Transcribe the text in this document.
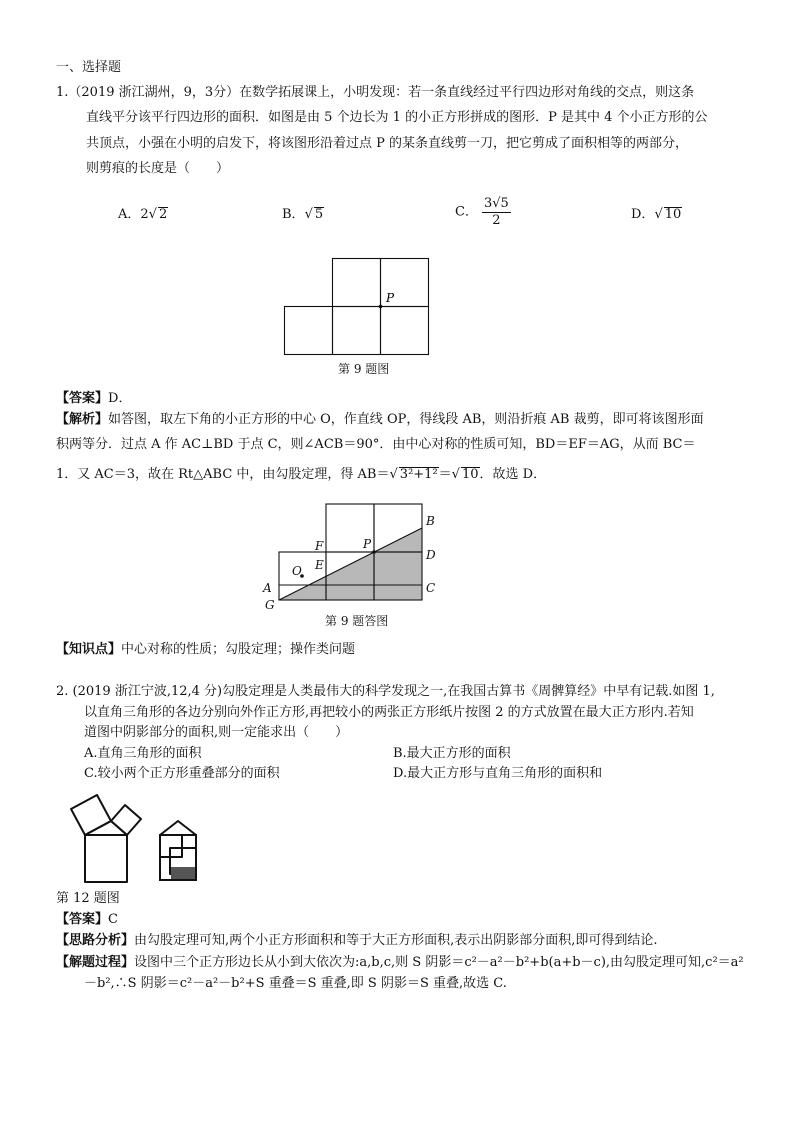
一、选择题
1.（2019 浙江湖州，9，3分）在数学拓展课上，小明发现：若一条直线经过平行四边形对角线的交点，则这条
直线平分该平行四边形的面积．如图是由 5 个边长为 1 的小正方形拼成的图形．P 是其中 4 个小正方形的公
共顶点，小强在小明的启发下，将该图形沿着过点 P 的某条直线剪一刀，把它剪成了面积相等的两部分，
则剪痕的长度是（　　）
A．2√ 2	B．√ 5	C． $\frac{3√5}{2}$	D．√ 10
P
第 9 题图
【答案】D．
【解析】如答图，取左下角的小正方形的中心 O，作直线 OP，得线段 AB，则沿折痕 AB 裁剪，即可将该图形面
积两等分．过点 A 作 AC⊥BD 于点 C，则∠ACB＝90°．由中心对称的性质可知，BD＝EF＝AG，从而 BC＝
1．又 AC＝3，故在 Rt△ABC 中，由勾股定理，得 AB＝√ 3²+1²＝√ 10．故选 D．
B
D
C
F	P
E
O
A
G
第 9 题答图
【知识点】中心对称的性质；勾股定理；操作类问题
2. (2019 浙江宁波,12,4 分)勾股定理是人类最伟大的科学发现之一,在我国古算书《周髀算经》中早有记载.如图 1,
以直角三角形的各边分别向外作正方形,再把较小的两张正方形纸片按图 2 的方式放置在最大正方形内.若知
道图中阴影部分的面积,则一定能求出（　　）
A.直角三角形的面积	B.最大正方形的面积
C.较小两个正方形重叠部分的面积	D.最大正方形与直角三角形的面积和
第 12 题图
【答案】C
【思路分析】由勾股定理可知,两个小正方形面积和等于大正方形面积,表示出阴影部分面积,即可得到结论.
【解题过程】设图中三个正方形边长从小到大依次为:a,b,c,则 S 阴影＝c²－a²－b²+b(a+b－c),由勾股定理可知,c²＝a²
－b²,∴S 阴影＝c²－a²－b²+S 重叠＝S 重叠,即 S 阴影＝S 重叠,故选 C.
